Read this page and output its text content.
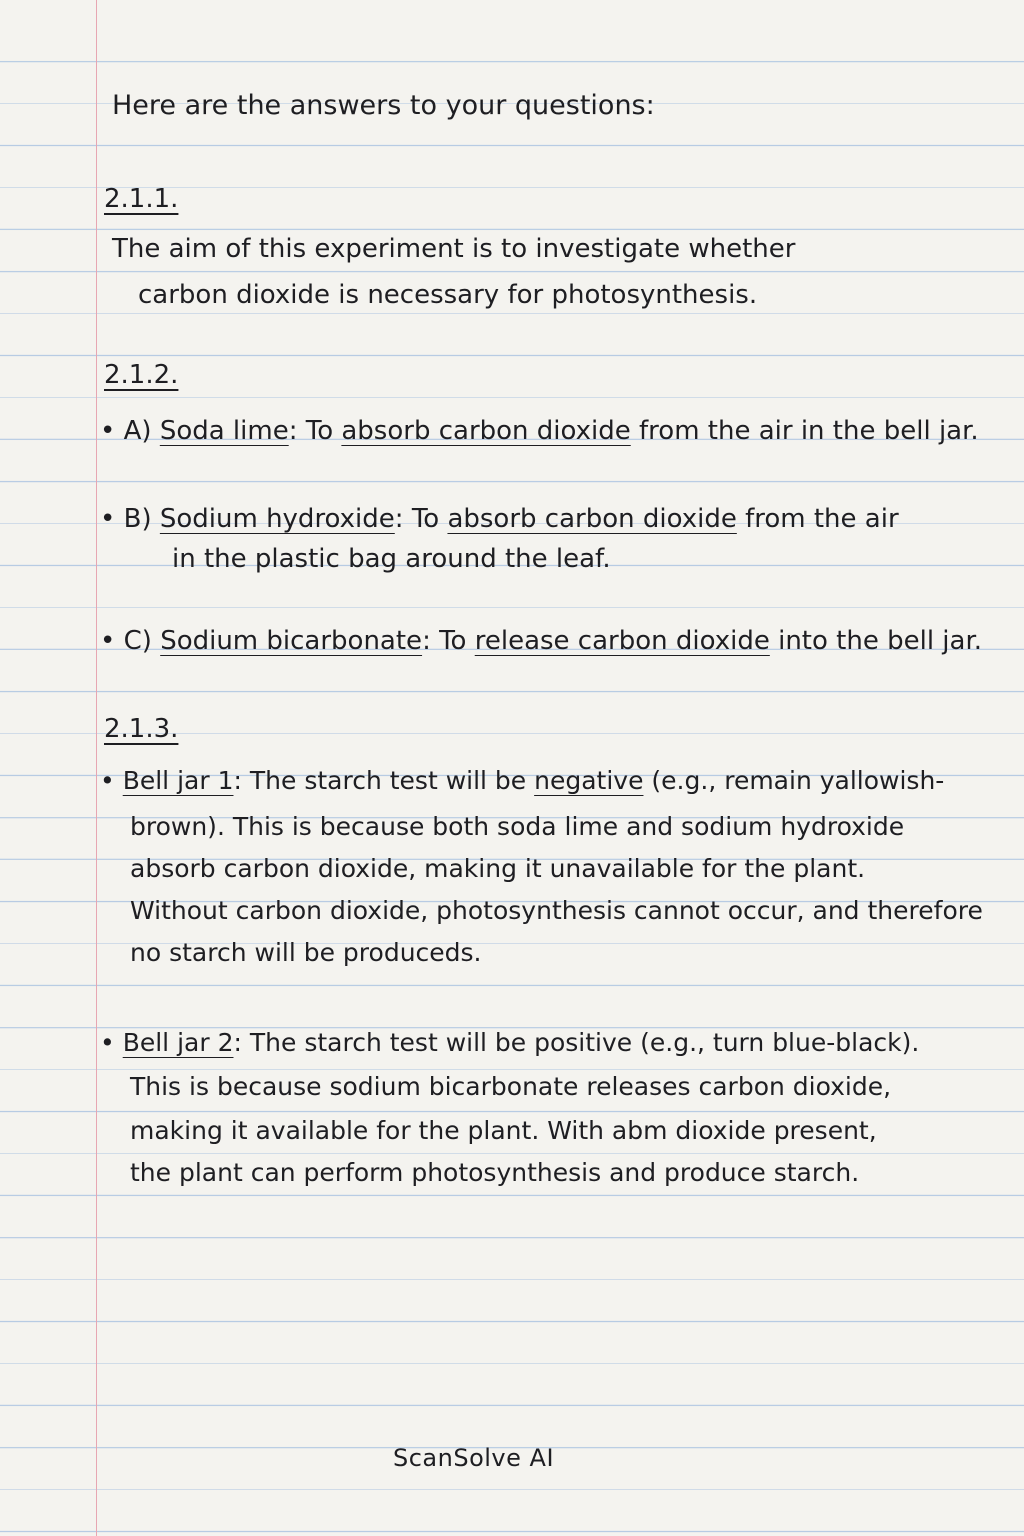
Here are the answers to your questions:
2.1.1.
The aim of this experiment is to investigate whether
carbon dioxide is necessary for photosynthesis.
2.1.2.
• A) Soda lime: To absorb carbon dioxide from the air in the bell jar.
• B) Sodium hydroxide: To absorb carbon dioxide from the air
in the plastic bag around the leaf.
• C) Sodium bicarbonate: To release carbon dioxide into the bell jar.
2.1.3.
• Bell jar 1: The starch test will be negative (e.g., remain yallowish-
brown). This is because both soda lime and sodium hydroxide
absorb carbon dioxide, making it unavailable for the plant.
Without carbon dioxide, photosynthesis cannot occur, and therefore
no starch will be produceds.
• Bell jar 2: The starch test will be positive (e.g., turn blue-black).
This is because sodium bicarbonate releases carbon dioxide,
making it available for the plant. With abm dioxide present,
the plant can perform photosynthesis and produce starch.
ScanSolve AI
